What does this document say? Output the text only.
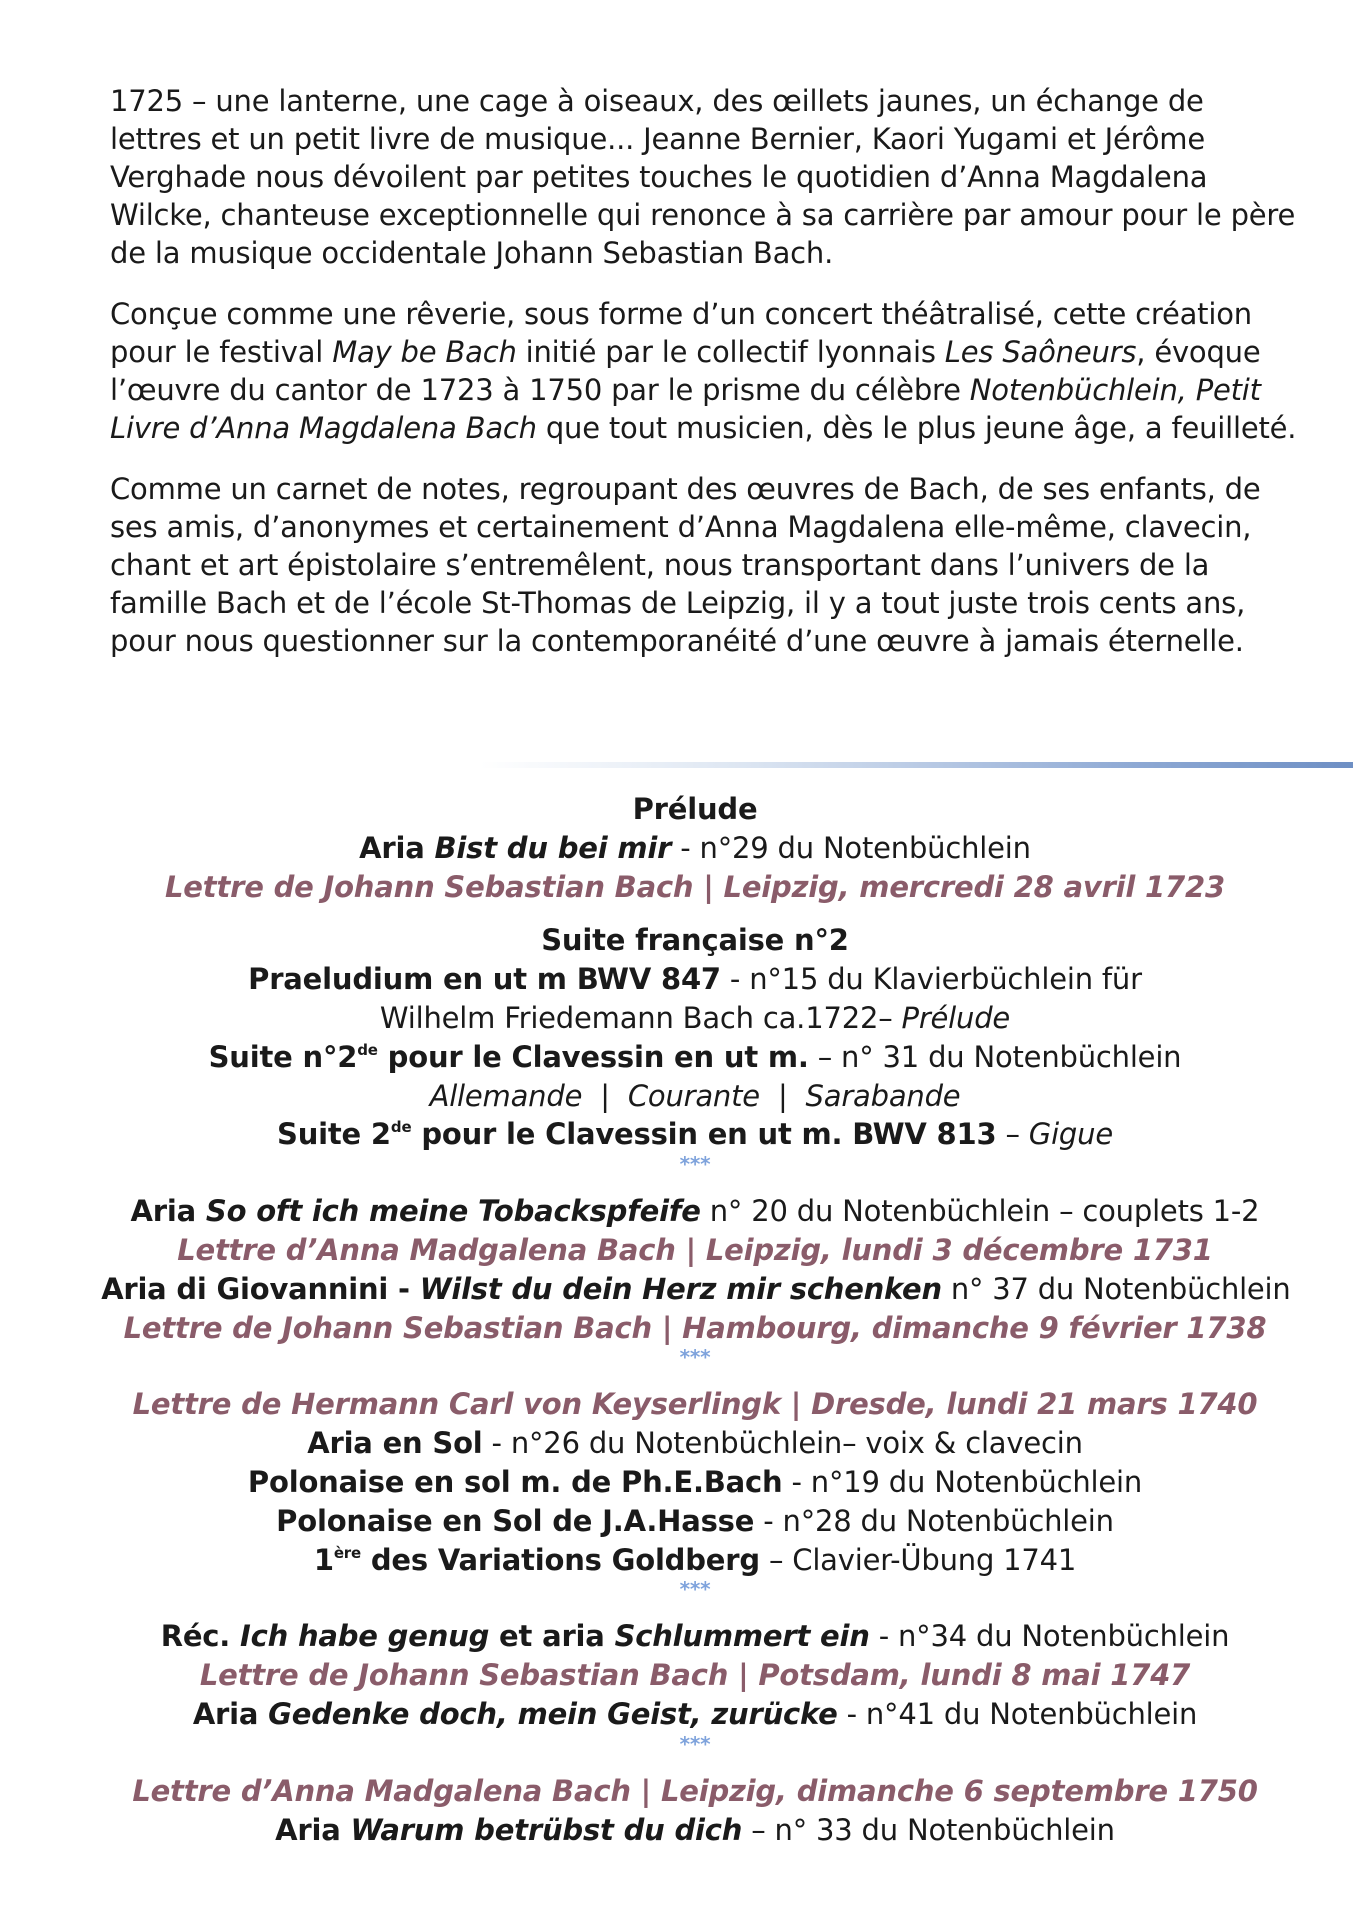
1725 – une lanterne, une cage à oiseaux, des œillets jaunes, un échange de lettres et un petit livre de musique... Jeanne Bernier, Kaori Yugami et Jérôme Verghade nous dévoilent par petites touches le quotidien d’Anna Magdalena Wilcke, chanteuse exceptionnelle qui renonce à sa carrière par amour pour le père de la musique occidentale Johann Sebastian Bach.

Conçue comme une rêverie, sous forme d’un concert théâtralisé, cette création pour le festival May be Bach initié par le collectif lyonnais Les Saôneurs, évoque l’œuvre du cantor de 1723 à 1750 par le prisme du célèbre Notenbüchlein, Petit Livre d’Anna Magdalena Bach que tout musicien, dès le plus jeune âge, a feuilleté.

Comme un carnet de notes, regroupant des œuvres de Bach, de ses enfants, de ses amis, d’anonymes et certainement d’Anna Magdalena elle-même, clavecin, chant et art épistolaire s’entremêlent, nous transportant dans l’univers de la famille Bach et de l’école St-Thomas de Leipzig, il y a tout juste trois cents ans, pour nous questionner sur la contemporanéité d’une œuvre à jamais éternelle.

Prélude
Aria Bist du bei mir - n°29 du Notenbüchlein
Lettre de Johann Sebastian Bach | Leipzig, mercredi 28 avril 1723
Suite française n°2
Praeludium en ut m BWV 847 - n°15 du Klavierbüchlein für
Wilhelm Friedemann Bach ca.1722– Prélude
Suite n°2de pour le Clavessin en ut m. – n° 31 du Notenbüchlein
Allemande  |  Courante  |  Sarabande
Suite 2de pour le Clavessin en ut m. BWV 813 – Gigue
***
Aria So oft ich meine Tobackspfeife n° 20 du Notenbüchlein – couplets 1-2
Lettre d’Anna Madgalena Bach | Leipzig, lundi 3 décembre 1731
Aria di Giovannini - Wilst du dein Herz mir schenken n° 37 du Notenbüchlein
Lettre de Johann Sebastian Bach | Hambourg, dimanche 9 février 1738
***
Lettre de Hermann Carl von Keyserlingk | Dresde, lundi 21 mars 1740
Aria en Sol - n°26 du Notenbüchlein– voix & clavecin
Polonaise en sol m. de Ph.E.Bach - n°19 du Notenbüchlein
Polonaise en Sol de J.A.Hasse - n°28 du Notenbüchlein
1ère des Variations Goldberg – Clavier-Übung 1741
***
Réc. Ich habe genug et aria Schlummert ein - n°34 du Notenbüchlein
Lettre de Johann Sebastian Bach | Potsdam, lundi 8 mai 1747
Aria Gedenke doch, mein Geist, zurücke - n°41 du Notenbüchlein
***
Lettre d’Anna Madgalena Bach | Leipzig, dimanche 6 septembre 1750
Aria Warum betrübst du dich – n° 33 du Notenbüchlein
